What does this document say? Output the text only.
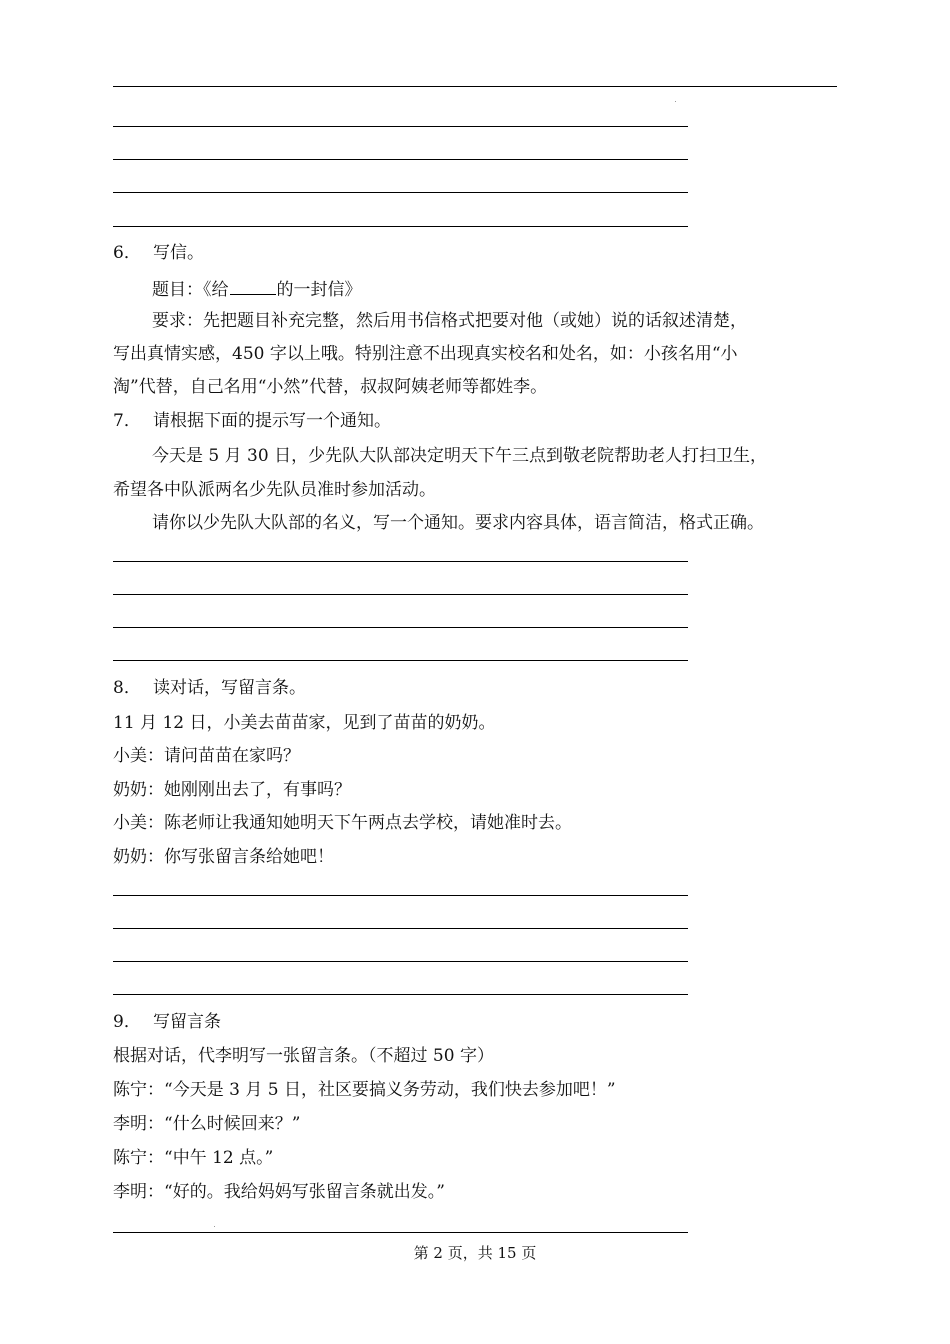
6． 写信。
题目：《给	的一封信》
要求：先把题目补充完整，然后用书信格式把要对他（或她）说的话叙述清楚，
写出真情实感，450 字以上哦。特别注意不出现真实校名和处名，如：小孩名用“小
淘”代替，自己名用“小然”代替，叔叔阿姨老师等都姓李。
7． 请根据下面的提示写一个通知。
今天是 5 月 30 日，少先队大队部决定明天下午三点到敬老院帮助老人打扫卫生，
希望各中队派两名少先队员准时参加活动。
请你以少先队大队部的名义，写一个通知。要求内容具体，语言简洁，格式正确。
8． 读对话，写留言条。
11 月 12 日，小美去苗苗家，见到了苗苗的奶奶。
小美：请问苗苗在家吗？
奶奶：她刚刚出去了，有事吗？
小美：陈老师让我通知她明天下午两点去学校，请她准时去。
奶奶：你写张留言条给她吧！
9． 写留言条
根据对话，代李明写一张留言条。（不超过 50 字）
陈宁：“今天是 3 月 5 日，社区要搞义务劳动，我们快去参加吧！”
李明：“什么时候回来？”
陈宁：“中午 12 点。”
李明：“好的。我给妈妈写张留言条就出发。”
第 2 页，共 15 页
